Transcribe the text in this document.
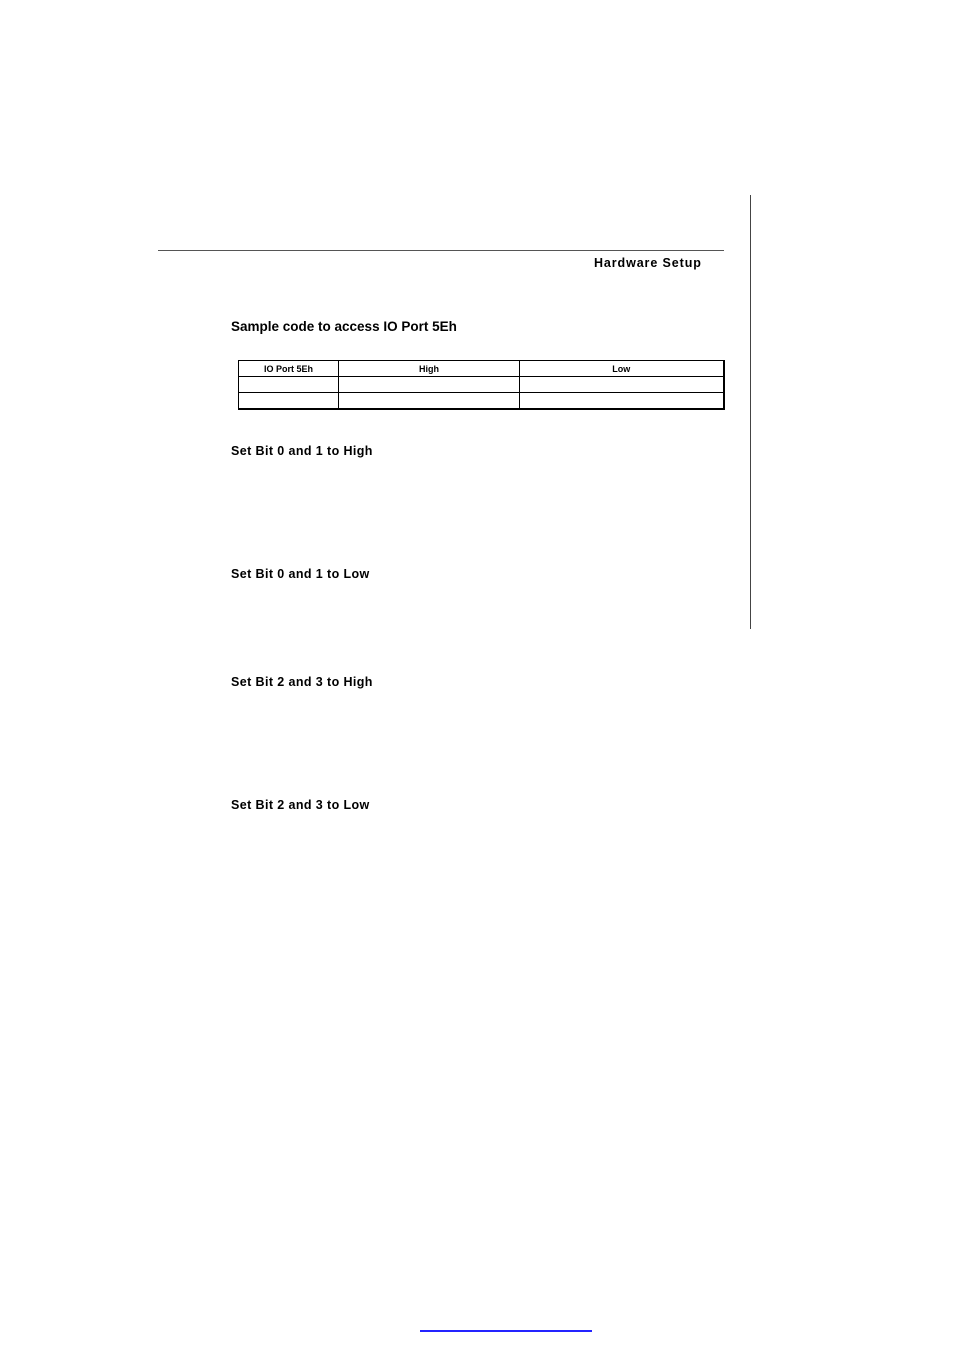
Hardware Setup
Sample code to access IO Port 5Eh
IO Port 5Eh	High	Low

Set Bit 0 and 1 to High
Set Bit 0 and 1 to Low
Set Bit 2 and 3 to High
Set Bit 2 and 3 to Low
